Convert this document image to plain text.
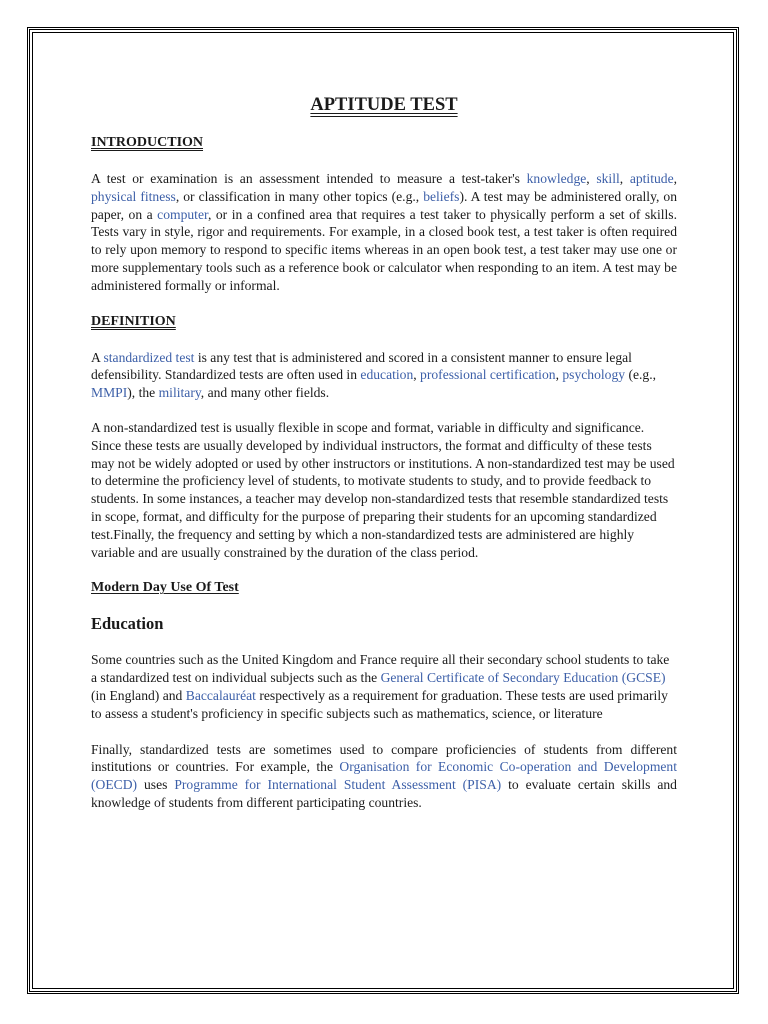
APTITUDE TEST
INTRODUCTION

A test or examination is an assessment intended to measure a test-taker's knowledge, skill, aptitude, physical fitness, or classification in many other topics (e.g., beliefs). A test may be administered orally, on paper, on a computer, or in a confined area that requires a test taker to physically perform a set of skills. Tests vary in style, rigor and requirements. For example, in a closed book test, a test taker is often required to rely upon memory to respond to specific items whereas in an open book test, a test taker may use one or more supplementary tools such as a reference book or calculator when responding to an item. A test may be administered formally or informal.

DEFINITION

A standardized test is any test that is administered and scored in a consistent manner to ensure legal defensibility. Standardized tests are often used in education, professional certification, psychology (e.g., MMPI), the military, and many other fields.

A non-standardized test is usually flexible in scope and format, variable in difficulty and significance. Since these tests are usually developed by individual instructors, the format and difficulty of these tests may not be widely adopted or used by other instructors or institutions. A non-standardized test may be used to determine the proficiency level of students, to motivate students to study, and to provide feedback to students. In some instances, a teacher may develop non-standardized tests that resemble standardized tests in scope, format, and difficulty for the purpose of preparing their students for an upcoming standardized test.Finally, the frequency and setting by which a non-standardized tests are administered are highly variable and are usually constrained by the duration of the class period.

Modern Day Use Of Test
Education

Some countries such as the United Kingdom and France require all their secondary school students to take a standardized test on individual subjects such as the General Certificate of Secondary Education (GCSE) (in England) and Baccalauréat respectively as a requirement for graduation. These tests are used primarily to assess a student's proficiency in specific subjects such as mathematics, science, or literature

Finally, standardized tests are sometimes used to compare proficiencies of students from different institutions or countries. For example, the Organisation for Economic Co-operation and Development (OECD) uses Programme for International Student Assessment (PISA) to evaluate certain skills and knowledge of students from different participating countries.
